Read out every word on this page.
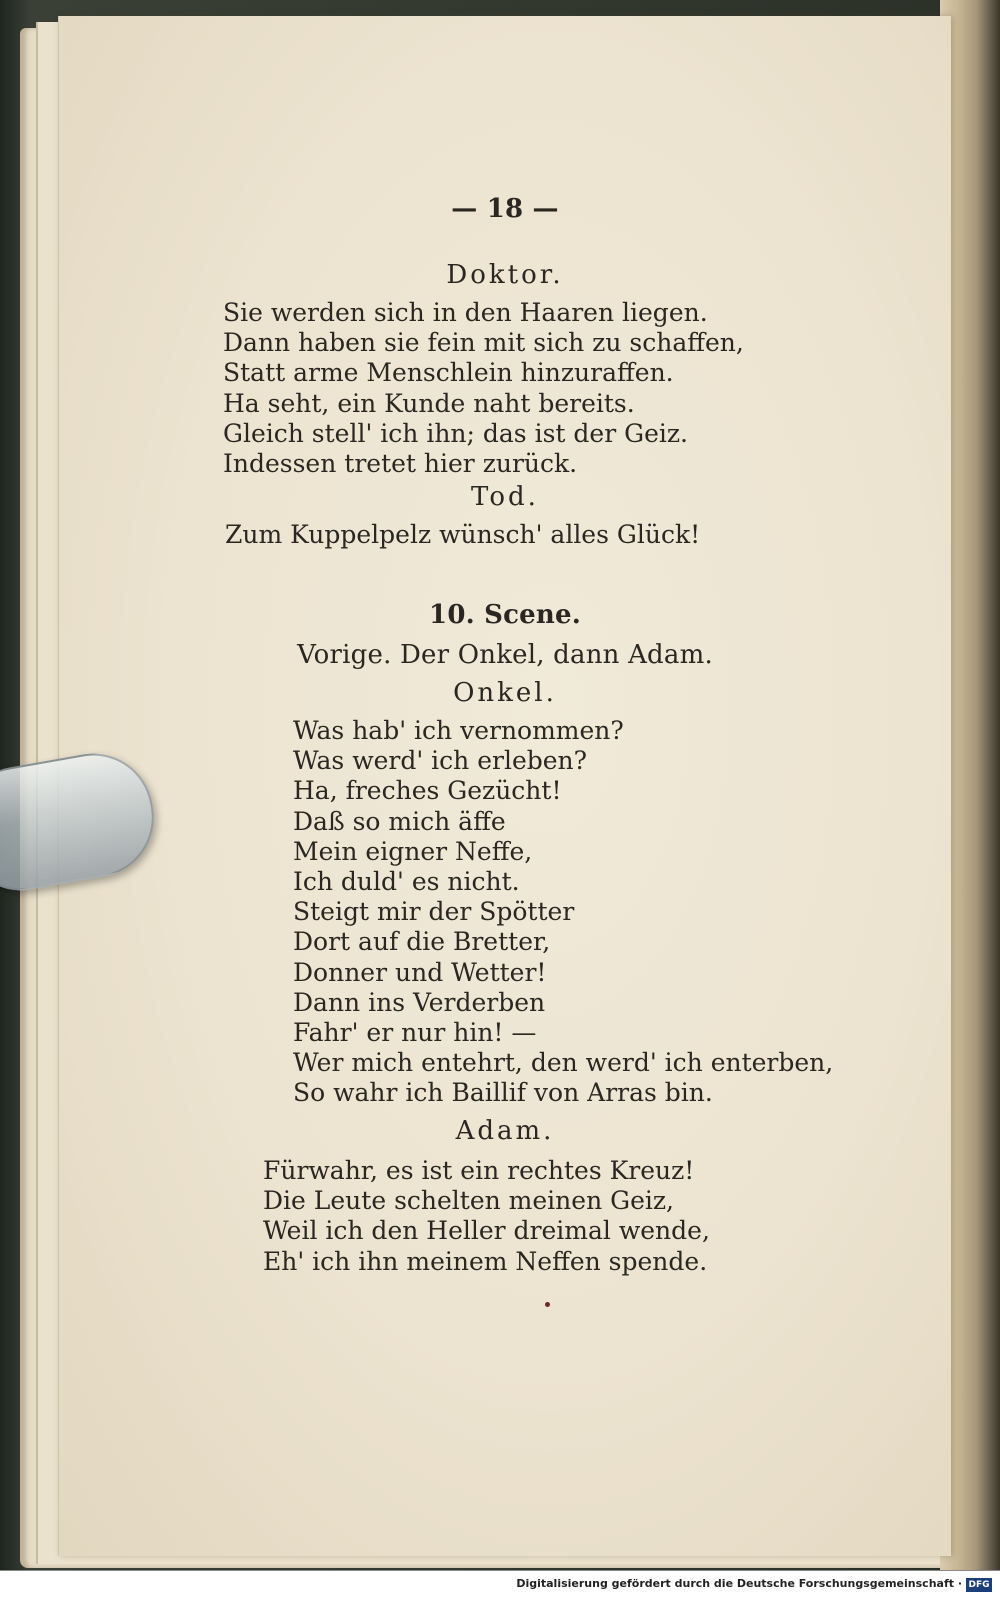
— 18 —
Doktor.
Sie werden sich in den Haaren liegen.
Dann haben sie fein mit sich zu schaffen,
Statt arme Menschlein hinzuraffen.
Ha seht, ein Kunde naht bereits.
Gleich stell' ich ihn; das ist der Geiz.
Indessen tretet hier zurück.
Tod.
Zum Kuppelpelz wünsch' alles Glück!
10. Scene.
Vorige. Der Onkel, dann Adam.
Onkel.
Was hab' ich vernommen?
Was werd' ich erleben?
Ha, freches Gezücht!
Daß so mich äffe
Mein eigner Neffe,
Ich duld' es nicht.
Steigt mir der Spötter
Dort auf die Bretter,
Donner und Wetter!
Dann ins Verderben
Fahr' er nur hin! —
Wer mich entehrt, den werd' ich enterben,
So wahr ich Baillif von Arras bin.
Adam.
Fürwahr, es ist ein rechtes Kreuz!
Die Leute schelten meinen Geiz,
Weil ich den Heller dreimal wende,
Eh' ich ihn meinem Neffen spende.
Digitalisierung gefördert durch die Deutsche Forschungsgemeinschaft · DFG
